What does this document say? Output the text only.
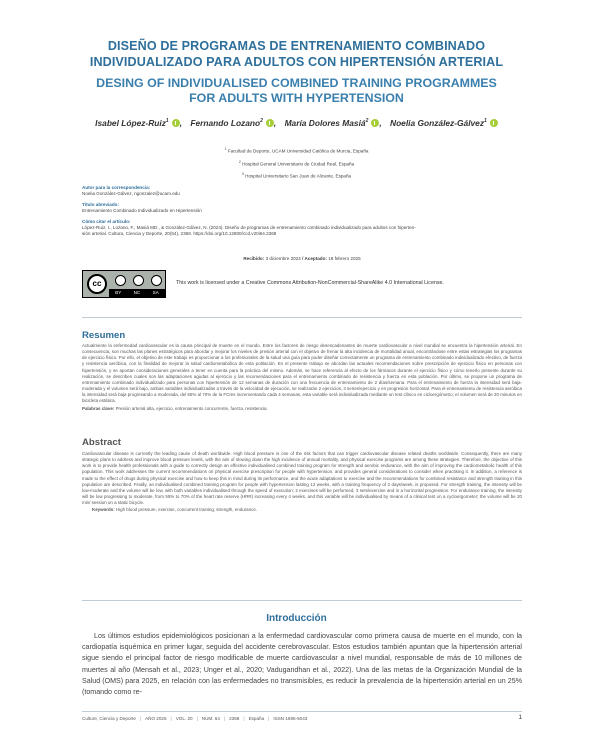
DISEÑO DE PROGRAMAS DE ENTRENAMIENTO COMBINADO
INDIVIDUALIZADO PARA ADULTOS CON HIPERTENSIÓN ARTERIAL
DESING OF INDIVIDUALISED COMBINED TRAINING PROGRAMMES
FOR ADULTS WITH HYPERTENSION
Isabel López-Ruiz$^1$ , Fernando Lozano$^2$ , María Dolores Masiá$^2$ , Noelia González-Gálvez$^1$
$^1$ Facultad de Deporte, UCAM Universidad Católica de Murcia, España
$^2$ Hospital General Universitario de Ciudad Real, España
$^3$ Hospital Universitario San Juan de Alicante, España
Autor para la correspondencia:
Noelia González-Gálvez, ngonzalez@ucam.edu
Título abreviado:
Entrenamiento Combinado Individualizado en Hipertensión
Cómo citar el artículo:
López-Ruiz, I., Lozano, F., Masiá MD., & González-Gálvez, N. (2024). Diseño de programas de entrenamiento combinado individualizado para adultos con hiperten-
sión arterial. Cultura, Ciencia y Deporte, 20(64), 2368. https://doi.org/10.12800/ccd.v20i64.2368
Recibido: 3 diciembre 2024 / Aceptado: 18 febrero 2025
cc
BY	NC	SA
This work is licensed under a Creative Commons Attribution-NonCommercial-ShareAlike 4.0 International License.
Resumen
Actualmente la enfermedad cardiovascular es la causa principal de muerte en el mundo. Entre los factores de riesgo desencadenantes de muerte cardiovascular a nivel mundial se encuentra la hipertensión arterial. En consecuencia, son muchas las planes estratégicos para abordar y mejorar los niveles de presión arterial con el objetivo de frenar la alta incidencia de mortalidad anual, encontrándose entre estas estrategias los programas de ejercicio físico. Por ello, el objetivo de este trabajo es proporcionar a los profesionales de la salud una guía para poder diseñar correctamente un programa de entrenamiento combinado individualizado efectivo, de fuerza y resistencia aeróbica, con la finalidad de mejorar la salud cardiometabólica de esta población. En el presente trabajo se abordan las actuales recomendaciones sobre prescripción de ejercicio físico en personas con hipertensión, y se aportan consideraciones generales a tener en cuenta para la práctica del mismo. Además, se hace referencia al efecto de los fármacos durante el ejercicio físico y cómo tenerlo presente durante su realización, se describen cuales son las adaptaciones agudas al ejercicio y las recomendaciones para el entrenamiento combinado de resistencia y fuerza en esta población. Por último, se propone un programa de entrenamiento combinado individualizado para personas con hipertensión de 12 semanas de duración con una frecuencia de entrenamiento de 2 días/semana. Para el entrenamiento de fuerza la intensidad será baja-moderada y el volumen será bajo, ambas variables individualizadas a través de la velocidad de ejecución, se realizarán 2 ejercicios, 3 series/ejercicio y en progresión horizontal. Para el entrenamiento de resistencia aeróbica la intensidad será baja progresando a moderada, del 55% al 70% de la FCres incrementando cada 4 semanas, esta variable será individualizada mediante un test clínico en cicloergómetro; el volumen será de 20 minutos en bicicleta estática.
Palabras clave: Presión arterial alta, ejercicio, entrenamiento concurrente, fuerza, resistencia.
Abstract
Cardiovascular disease is currently the leading cause of death worldwide. High blood pressure is one of the risk factors that can trigger cardiovascular disease related deaths worldwide. Consequently, there are many strategic plans to address and improve blood pressure levels, with the aim of slowing down the high incidence of annual mortality, and physical exercise programs are among these strategies. Therefore, the objective of this work is to provide health professionals with a guide to correctly design an effective individualised combined training program for strength and aerobic endurance, with the aim of improving the cardiometabolic health of this population. This work addresses the current recommendations on physical exercise prescription for people with hypertension, and provides general considerations to consider when practising it. In addition, a reference is made to the effect of drugs during physical exercise and how to keep this in mind during its performance, and the acute adaptations to exercise and the recommendations for combined resistance and strength training in this population are described. Finally, an individualised combined training program for people with hypertension lasting 12 weeks, with a training frequency of 2 days/week, is proposed. For strength training, the intensity will be low-moderate and the volume will be low, with both variables individualised through the speed of execution; 2 exercises will be performed, 3 sets/exercise and in a horizontal progression. For endurance training, the intensity will be low progressing to moderate, from 55% to 70% of the heart rate reserve (HRR) increasing every 4 weeks, and this variable will be individualised by means of a clinical test on a cycloergometer; the volume will be 20 min/ session on a static bicycle.
Keywords: High blood pressure, exercise, concurrent training, strength, endurance.
Introducción
Los últimos estudios epidemiológicos posicionan a la enfermedad cardiovascular como primera causa de muerte en el mundo, con la cardiopatía isquémica en primer lugar, seguida del accidente cerebrovascular. Estos estudios también apuntan que la hipertensión arterial sigue siendo el principal factor de riesgo modificable de muerte cardiovascular a nivel mundial, responsable de más de 10 millones de muertes al año (Mensah et al., 2023; Unger et al., 2020; Vadugandhan et al., 2022). Una de las metas de la Organización Mundial de la Salud (OMS) para 2025, en relación con las enfermedades no transmisibles, es reducir la prevalencia de la hipertensión arterial en un 25% (tomando como re-
Culture, Ciencia y Deporte | AÑO 2025 | VOL. 20 | NUM. 64 | 2368 | España | ISSN 1696-5043	1
